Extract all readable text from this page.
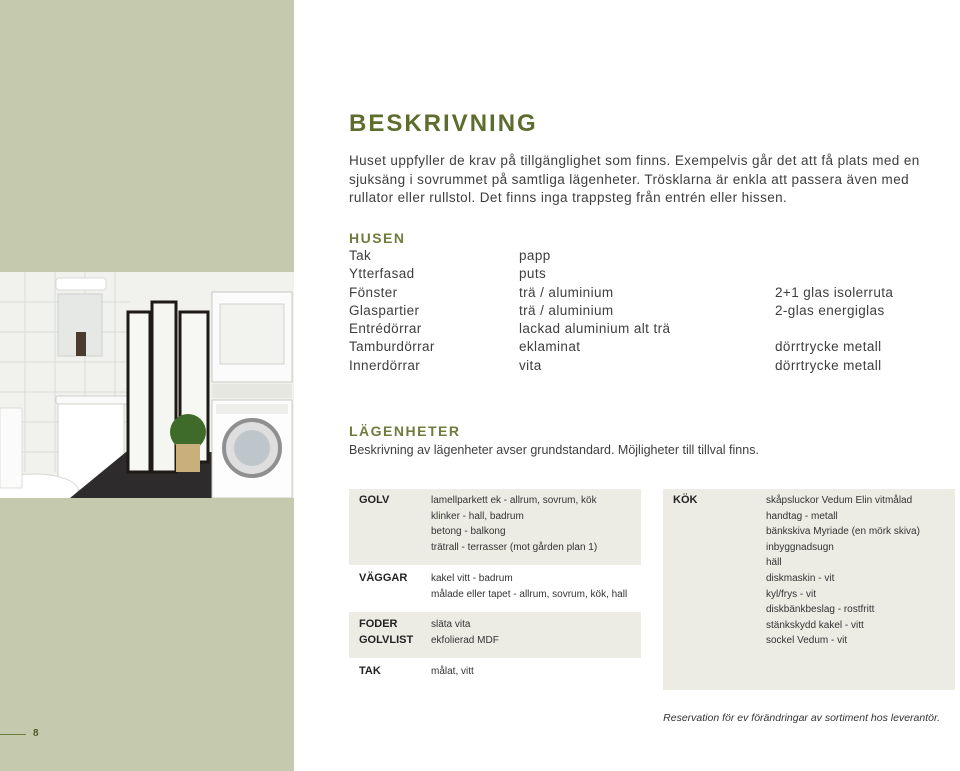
8
BESKRIVNING

Huset uppfyller de krav på tillgänglighet som finns. Exempelvis går det att få plats med en sjuksäng i sovrummet på samtliga lägenheter. Trösklarna är enkla att passera även med rullator eller rullstol. Det finns inga trappsteg från entrén eller hissen.

HUSEN
Tak	papp
Ytterfasad	puts
Fönster	trä / aluminium	2+1 glas isolerruta
Glaspartier	trä / aluminium	2-glas energiglas
Entrédörrar	lackad aluminium alt trä
Tamburdörrar	eklaminat	dörrtrycke metall
Innerdörrar	vita	dörrtrycke metall
LÄGENHETER

Beskrivning av lägenheter avser grundstandard. Möjligheter till tillval finns.

GOLV	lamellparkett ek - allrum, sovrum, kök
klinker - hall, badrum
betong - balkong
trätrall - terrasser (mot gården plan 1)
VÄGGAR kakel vitt - badrum
målade eller tapet - allrum, sovrum, kök, hall
FODER	släta vita
GOLVLIST ekfolierad MDF
TAK	målat, vitt
KÖK	skåpsluckor Vedum Elin vitmålad
handtag - metall
bänkskiva Myriade (en mörk skiva)
inbyggnadsugn
häll
diskmaskin - vit
kyl/frys - vit
diskbänkbeslag - rostfritt
stänkskydd kakel - vitt
sockel Vedum - vit
Reservation för ev förändringar av sortiment hos leverantör.
